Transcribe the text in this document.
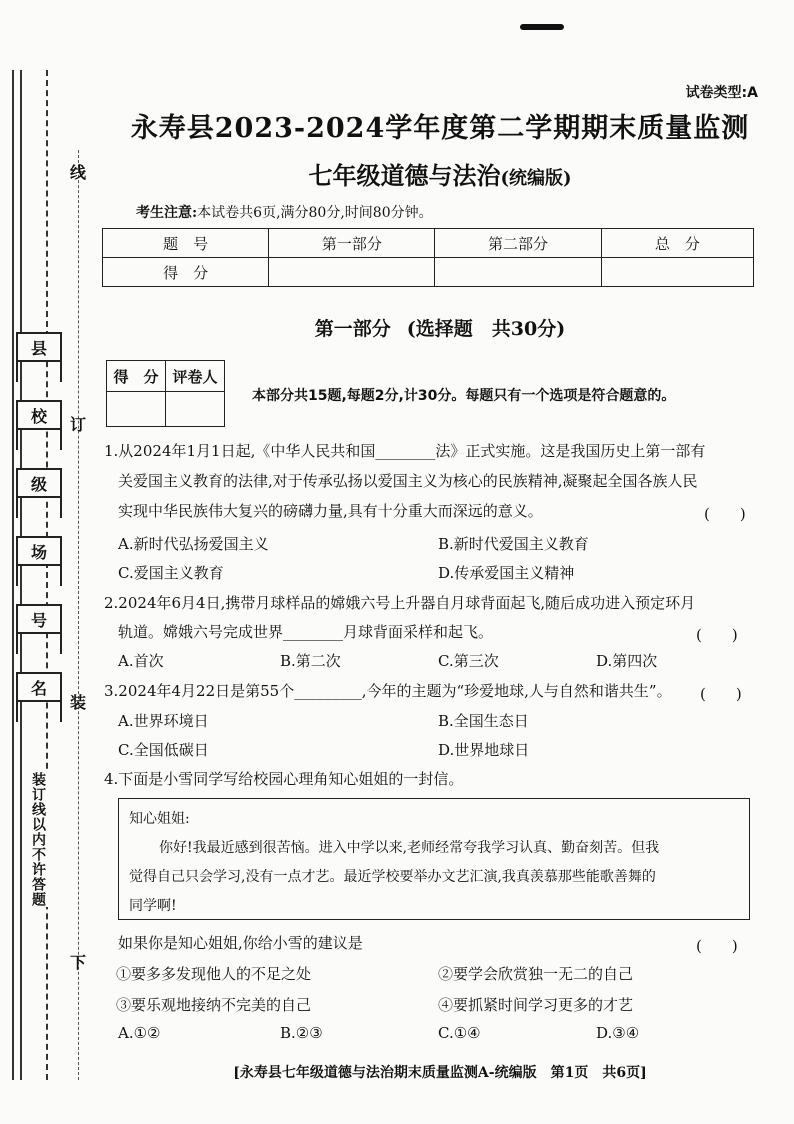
线
订
装
下
县
校
级
场
号
名
装订线以内不许答题
试卷类型:A
永寿县2023-2024学年度第二学期期末质量监测
七年级道德与法治(统编版)
考生注意:本试卷共6页,满分80分,时间80分钟。
题　号	第一部分	第二部分	总　分
得　分			
第一部分 (选择题　共30分)
得　分	评卷人

本部分共15题,每题2分,计30分。每题只有一个选项是符合题意的。
1.从2024年1月1日起,《中华人民共和国________法》正式实施。这是我国历史上第一部有
关爱国主义教育的法律,对于传承弘扬以爱国主义为核心的民族精神,凝聚起全国各族人民
实现中华民族伟大复兴的磅礴力量,具有十分重大而深远的意义。	(　　)
A.新时代弘扬爱国主义	B.新时代爱国主义教育
C.爱国主义教育	D.传承爱国主义精神
2.2024年6月4日,携带月球样品的嫦娥六号上升器自月球背面起飞,随后成功进入预定环月
轨道。嫦娥六号完成世界________月球背面采样和起飞。	(　　)
A.首次	B.第二次	C.第三次	D.第四次
3.2024年4月22日是第55个_________,今年的主题为“珍爱地球,人与自然和谐共生”。 (　　)
A.世界环境日	B.全国生态日
C.全国低碳日	D.世界地球日
4.下面是小雪同学写给校园心理角知心姐姐的一封信。
知心姐姐:
你好!我最近感到很苦恼。进入中学以来,老师经常夸我学习认真、勤奋刻苦。但我
觉得自己只会学习,没有一点才艺。最近学校要举办文艺汇演,我真羡慕那些能歌善舞的
同学啊!
如果你是知心姐姐,你给小雪的建议是	(　　)
①要多多发现他人的不足之处	②要学会欣赏独一无二的自己
③要乐观地接纳不完美的自己	④要抓紧时间学习更多的才艺
A.①②	B.②③	C.①④	D.③④
[永寿县七年级道德与法治期末质量监测A-统编版　第1页　共6页]
